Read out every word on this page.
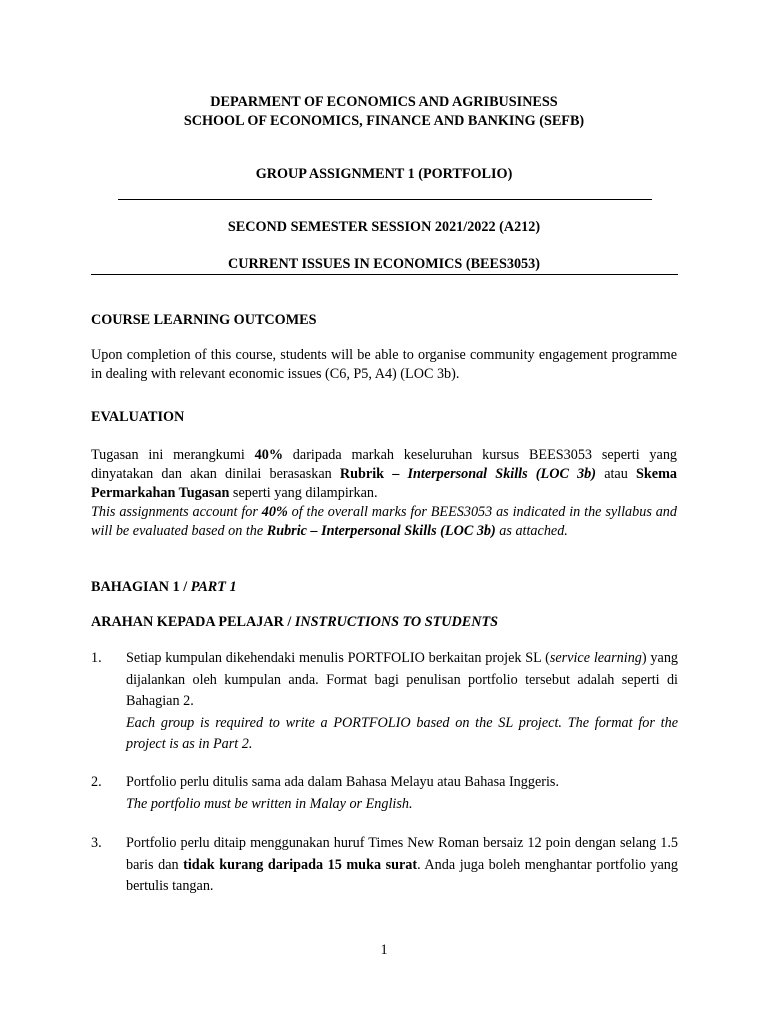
DEPARMENT OF ECONOMICS AND AGRIBUSINESS
SCHOOL OF ECONOMICS, FINANCE AND BANKING (SEFB)
GROUP ASSIGNMENT 1 (PORTFOLIO)
SECOND SEMESTER SESSION 2021/2022 (A212)
CURRENT ISSUES IN ECONOMICS (BEES3053)
COURSE LEARNING OUTCOMES
Upon completion of this course, students will be able to organise community engagement programme in dealing with relevant economic issues (C6, P5, A4) (LOC 3b).
EVALUATION
Tugasan ini merangkumi 40% daripada markah keseluruhan kursus BEES3053 seperti yang dinyatakan dan akan dinilai berasaskan Rubrik – Interpersonal Skills (LOC 3b) atau Skema Permarkahan Tugasan seperti yang dilampirkan.
This assignments account for 40% of the overall marks for BEES3053 as indicated in the syllabus and will be evaluated based on the Rubric – Interpersonal Skills (LOC 3b) as attached.
BAHAGIAN 1 / PART 1
ARAHAN KEPADA PELAJAR / INSTRUCTIONS TO STUDENTS
1.	Setiap kumpulan dikehendaki menulis PORTFOLIO berkaitan projek SL (service learning) yang dijalankan oleh kumpulan anda. Format bagi penulisan portfolio tersebut adalah seperti di Bahagian 2.
Each group is required to write a PORTFOLIO based on the SL project. The format for the project is as in Part 2.
2.	Portfolio perlu ditulis sama ada dalam Bahasa Melayu atau Bahasa Inggeris.
The portfolio must be written in Malay or English.
3.	Portfolio perlu ditaip menggunakan huruf Times New Roman bersaiz 12 poin dengan selang 1.5 baris dan tidak kurang daripada 15 muka surat. Anda juga boleh menghantar portfolio yang bertulis tangan.
1
